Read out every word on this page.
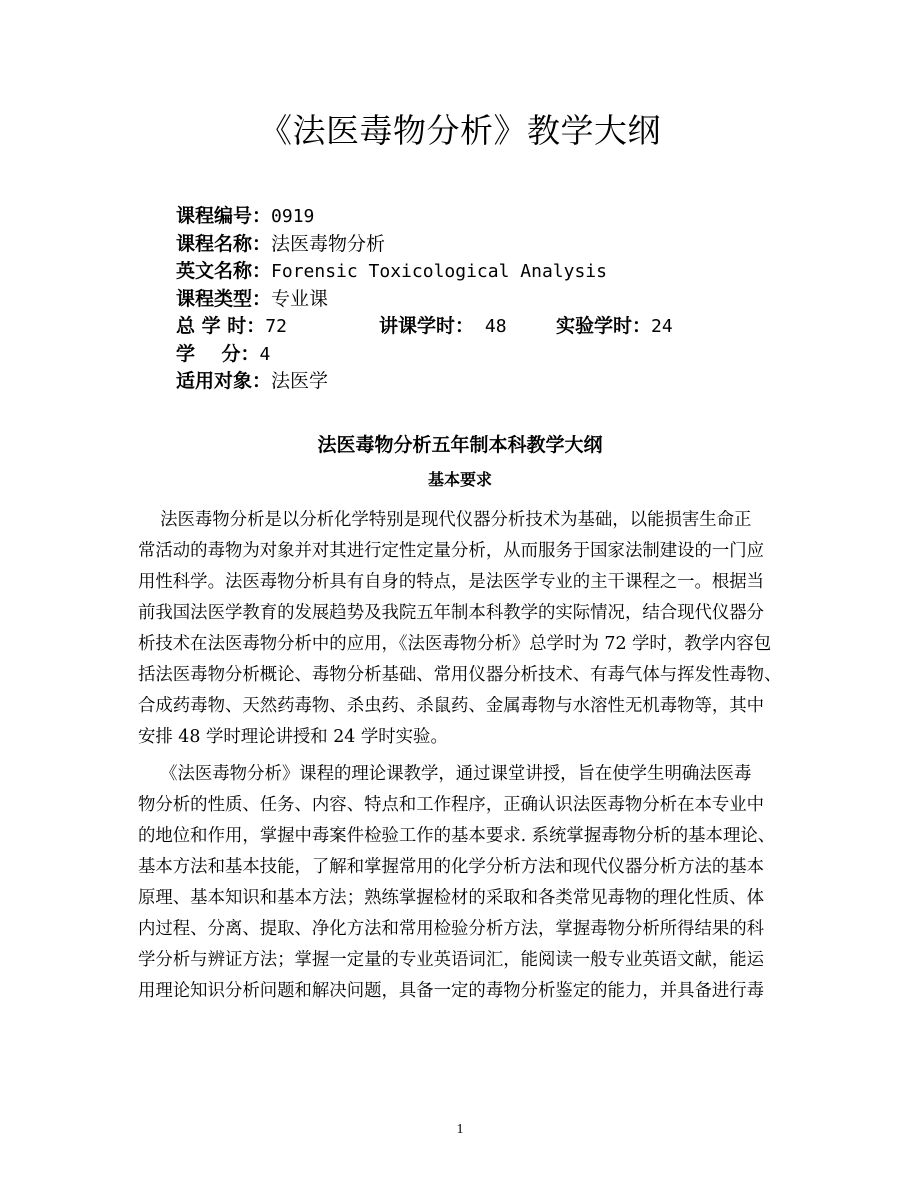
《法医毒物分析》教学大纲
课程编号：0919
课程名称：法医毒物分析
英文名称：Forensic Toxicological Analysis
课程类型：专业课
总 学 时：72	讲课学时： 48	实验学时：24
学    分：4
适用对象：法医学
法医毒物分析五年制本科教学大纲
基本要求
法医毒物分析是以分析化学特别是现代仪器分析技术为基础，以能损害生命正
常活动的毒物为对象并对其进行定性定量分析，从而服务于国家法制建设的一门应
用性科学。法医毒物分析具有自身的特点，是法医学专业的主干课程之一。根据当
前我国法医学教育的发展趋势及我院五年制本科教学的实际情况，结合现代仪器分
析技术在法医毒物分析中的应用，《法医毒物分析》总学时为 72 学时，教学内容包
括法医毒物分析概论、毒物分析基础、常用仪器分析技术、有毒气体与挥发性毒物、
合成药毒物、天然药毒物、杀虫药、杀鼠药、金属毒物与水溶性无机毒物等，其中
安排 48 学时理论讲授和 24 学时实验。
《法医毒物分析》课程的理论课教学，通过课堂讲授，旨在使学生明确法医毒
物分析的性质、任务、内容、特点和工作程序，正确认识法医毒物分析在本专业中
的地位和作用，掌握中毒案件检验工作的基本要求. 系统掌握毒物分析的基本理论、
基本方法和基本技能，了解和掌握常用的化学分析方法和现代仪器分析方法的基本
原理、基本知识和基本方法；熟练掌握检材的采取和各类常见毒物的理化性质、体
内过程、分离、提取、净化方法和常用检验分析方法，掌握毒物分析所得结果的科
学分析与辨证方法；掌握一定量的专业英语词汇，能阅读一般专业英语文献，能运
用理论知识分析问题和解决问题，具备一定的毒物分析鉴定的能力，并具备进行毒
1
